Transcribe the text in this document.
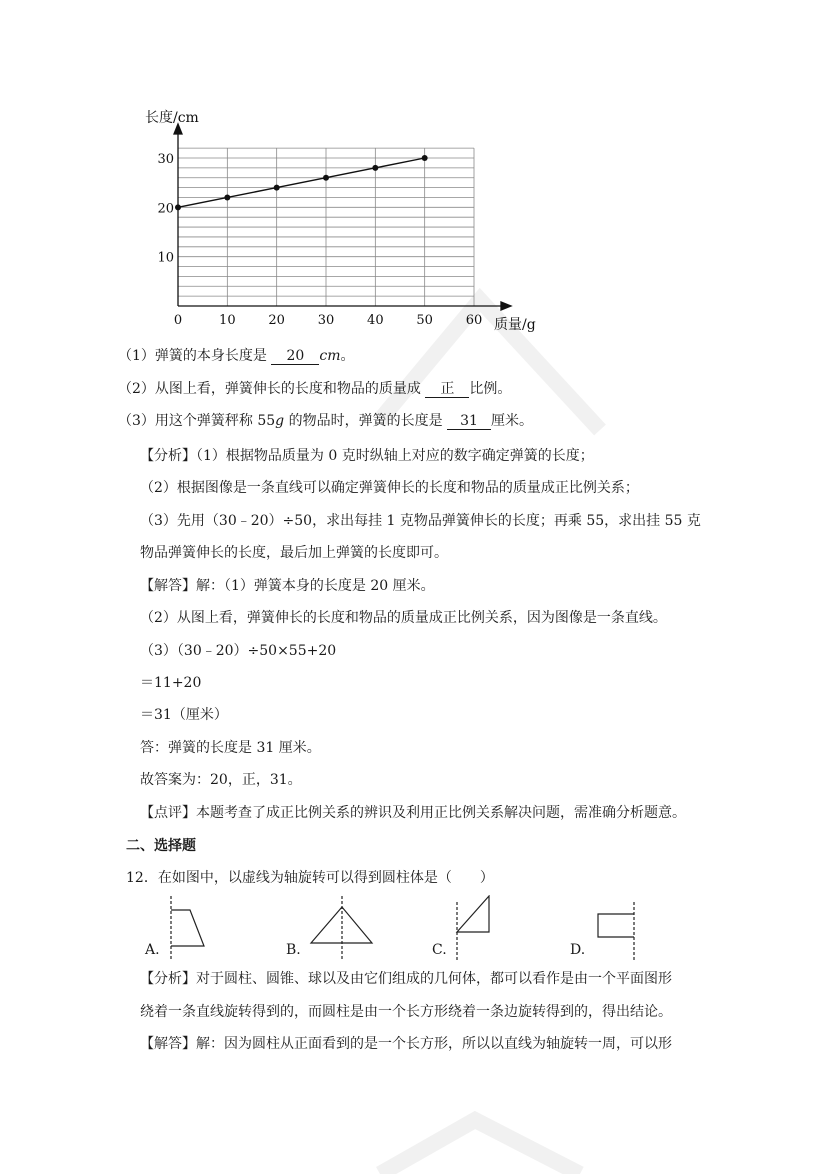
长度/cm
质量/g
10
20
30
0	10	20	30	40	50	60
（1）弹簧的本身长度是 20 cm。
（2）从图上看，弹簧伸长的长度和物品的质量成 正 比例。
（3）用这个弹簧秤称 55g 的物品时，弹簧的长度是 31 厘米。
【分析】（1）根据物品质量为 0 克时纵轴上对应的数字确定弹簧的长度；
（2）根据图像是一条直线可以确定弹簧伸长的长度和物品的质量成正比例关系；
（3）先用（30﹣20）÷50，求出每挂 1 克物品弹簧伸长的长度；再乘 55，求出挂 55 克
物品弹簧伸长的长度，最后加上弹簧的长度即可。
【解答】解：（1）弹簧本身的长度是 20 厘米。
（2）从图上看，弹簧伸长的长度和物品的质量成正比例关系，因为图像是一条直线。
（3）（30﹣20）÷50×55+20
＝11+20
＝31（厘米）
答：弹簧的长度是 31 厘米。
故答案为：20，正，31。
【点评】本题考查了成正比例关系的辨识及利用正比例关系解决问题，需准确分析题意。
二、选择题
12．在如图中，以虚线为轴旋转可以得到圆柱体是（　　）
A.	B.	C.	D.
【分析】对于圆柱、圆锥、球以及由它们组成的几何体，都可以看作是由一个平面图形
绕着一条直线旋转得到的，而圆柱是由一个长方形绕着一条边旋转得到的，得出结论。
【解答】解：因为圆柱从正面看到的是一个长方形，所以以直线为轴旋转一周，可以形
